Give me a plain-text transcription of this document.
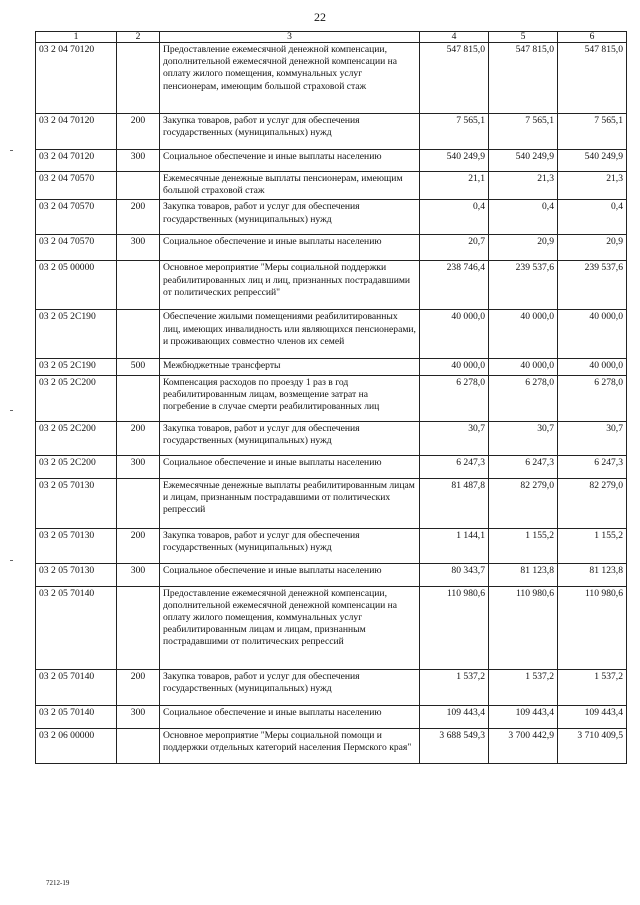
22
1	2	3	4	5	6
03 2 04 70120		Предоставление ежемесячной денежной компенсации, дополнительной ежемесячной денежной компенсации на оплату жилого помещения, коммунальных услуг пенсионерам, имеющим большой страховой стаж	547 815,0	547 815,0	547 815,0
03 2 04 70120	200	Закупка товаров, работ и услуг для обеспечения государственных (муниципальных) нужд	7 565,1	7 565,1	7 565,1
03 2 04 70120	300	Социальное обеспечение и иные выплаты населению	540 249,9	540 249,9	540 249,9
03 2 04 70570		Ежемесячные денежные выплаты пенсионерам, имеющим большой страховой стаж	21,1	21,3	21,3
03 2 04 70570	200	Закупка товаров, работ и услуг для обеспечения государственных (муниципальных) нужд	0,4	0,4	0,4
03 2 04 70570	300	Социальное обеспечение и иные выплаты населению	20,7	20,9	20,9
03 2 05 00000		Основное мероприятие "Меры социальной поддержки реабилитированных лиц и лиц, признанных пострадавшими от политических репрессий"	238 746,4	239 537,6	239 537,6
03 2 05 2С190		Обеспечение жилыми помещениями реабилитированных лиц, имеющих инвалидность или являющихся пенсионерами, и проживающих совместно членов их семей	40 000,0	40 000,0	40 000,0
03 2 05 2С190	500	Межбюджетные трансферты	40 000,0	40 000,0	40 000,0
03 2 05 2С200		Компенсация расходов по проезду 1 раз в год реабилитированным лицам, возмещение затрат на погребение в случае смерти реабилитированных лиц	6 278,0	6 278,0	6 278,0
03 2 05 2С200	200	Закупка товаров, работ и услуг для обеспечения государственных (муниципальных) нужд	30,7	30,7	30,7
03 2 05 2С200	300	Социальное обеспечение и иные выплаты населению	6 247,3	6 247,3	6 247,3
03 2 05 70130		Ежемесячные денежные выплаты реабилитированным лицам и лицам, признанным пострадавшими от политических репрессий	81 487,8	82 279,0	82 279,0
03 2 05 70130	200	Закупка товаров, работ и услуг для обеспечения государственных (муниципальных) нужд	1 144,1	1 155,2	1 155,2
03 2 05 70130	300	Социальное обеспечение и иные выплаты населению	80 343,7	81 123,8	81 123,8
03 2 05 70140		Предоставление ежемесячной денежной компенсации, дополнительной ежемесячной денежной компенсации на оплату жилого помещения, коммунальных услуг реабилитированным лицам и лицам, признанным пострадавшими от политических репрессий	110 980,6	110 980,6	110 980,6
03 2 05 70140	200	Закупка товаров, работ и услуг для обеспечения государственных (муниципальных) нужд	1 537,2	1 537,2	1 537,2
03 2 05 70140	300	Социальное обеспечение и иные выплаты населению	109 443,4	109 443,4	109 443,4
03 2 06 00000		Основное мероприятие "Меры социальной помощи и поддержки отдельных категорий населения Пермского края"	3 688 549,3	3 700 442,9	3 710 409,5
7212-19
